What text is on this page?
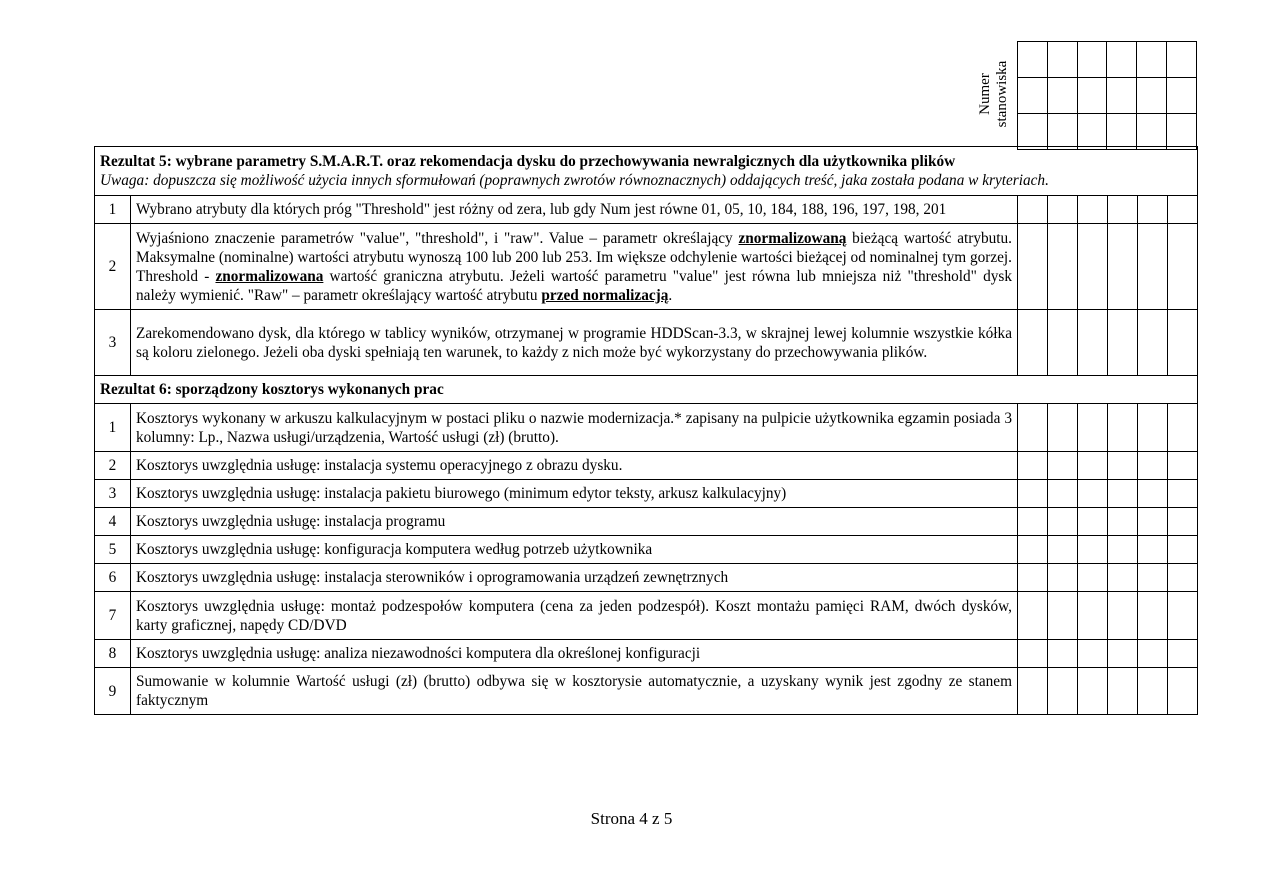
Numer stanowiska

Rezultat 5: wybrane parametry S.M.A.R.T. oraz rekomendacja dysku do przechowywania newralgicznych dla użytkownika plików
Uwaga: dopuszcza się możliwość użycia innych sformułowań (poprawnych zwrotów równoznacznych) oddających treść, jaka została podana w kryteriach.							

1	Wybrano atrybuty dla których próg "Threshold" jest różny od zera, lub gdy Num jest równe 01, 05, 10, 184, 188, 196, 197, 198, 201						
2	Wyjaśniono znaczenie parametrów "value", "threshold", i "raw". Value – parametr określający znormalizowaną bieżącą wartość atrybutu. Maksymalne (nominalne) wartości atrybutu wynoszą 100 lub 200 lub 253. Im większe odchylenie wartości bieżącej od nominalnej tym gorzej. Threshold - znormalizowana wartość graniczna atrybutu. Jeżeli wartość parametru "value" jest równa lub mniejsza niż "threshold" dysk należy wymienić. "Raw" – parametr określający wartość atrybutu przed normalizacją.						
3	Zarekomendowano dysk, dla którego w tablicy wyników, otrzymanej w programie HDDScan-3.3, w skrajnej lewej kolumnie wszystkie kółka są koloru zielonego. Jeżeli oba dyski spełniają ten warunek, to każdy z nich może być wykorzystany do przechowywania plików.						
Rezultat 6: sporządzony kosztorys wykonanych prac							
1	Kosztorys wykonany w arkuszu kalkulacyjnym w postaci pliku o nazwie modernizacja.* zapisany na pulpicie użytkownika egzamin posiada 3 kolumny: Lp., Nazwa usługi/urządzenia, Wartość usługi (zł) (brutto).						
2	Kosztorys uwzględnia usługę: instalacja systemu operacyjnego z obrazu dysku.						
3	Kosztorys uwzględnia usługę: instalacja pakietu biurowego (minimum edytor teksty, arkusz kalkulacyjny)						
4	Kosztorys uwzględnia usługę: instalacja programu						
5	Kosztorys uwzględnia usługę: konfiguracja komputera według potrzeb użytkownika						
6	Kosztorys uwzględnia usługę: instalacja sterowników i oprogramowania urządzeń zewnętrznych						
7	Kosztorys uwzględnia usługę: montaż podzespołów komputera (cena za jeden podzespół). Koszt montażu pamięci RAM, dwóch dysków, karty graficznej, napędy CD/DVD						
8	Kosztorys uwzględnia usługę: analiza niezawodności komputera dla określonej konfiguracji						
9	Sumowanie w kolumnie Wartość usługi (zł) (brutto) odbywa się w kosztorysie automatycznie, a uzyskany wynik jest zgodny ze stanem faktycznym						
Strona 4 z 5
